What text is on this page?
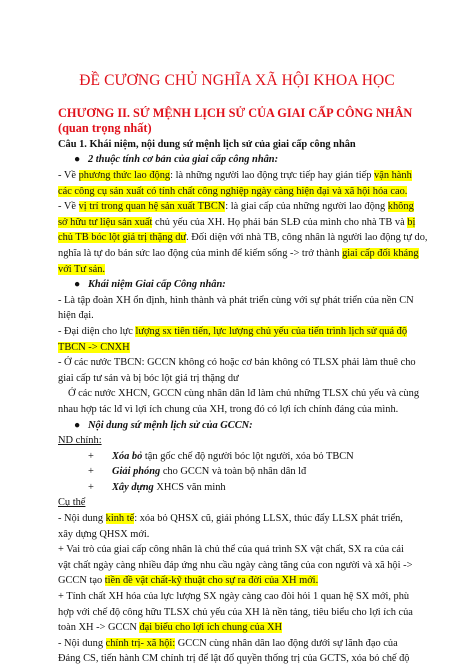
ĐỀ CƯƠNG CHỦ NGHĨA XÃ HỘI KHOA HỌC
CHƯƠNG II. SỨ MỆNH LỊCH SỬ CỦA GIAI CẤP CÔNG NHÂN
(quan trọng nhất)
Câu 1. Khái niệm, nội dung sứ mệnh lịch sử của giai cấp công nhân
● 2 thuộc tính cơ bản của giai cấp công nhân:
- Về phương thức lao động: là những người lao động trực tiếp hay gián tiếp vận hành
các công cụ sản xuất có tính chất công nghiệp ngày càng hiện đại và xã hội hóa cao.
- Về vị trí trong quan hệ sản xuất TBCN: là giai cấp của những người lao động không
sở hữu tư liệu sản xuất chủ yếu của XH. Họ phải bán SLĐ của mình cho nhà TB và bị
chủ TB bóc lột giá trị thặng dư. Đối diện với nhà TB, công nhân là người lao động tự do,
nghĩa là tự do bán sức lao động của mình để kiếm sống -> trở thành giai cấp đối kháng
với Tư sản.
● Khái niệm Giai cấp Công nhân:
- Là tập đoàn XH ổn định, hình thành và phát triển cùng với sự phát triển của nền CN
hiện đại.
- Đại diện cho lực lượng sx tiên tiến, lực lượng chủ yếu của tiến trình lịch sử quá độ
TBCN -> CNXH
- Ở các nước TBCN: GCCN không có hoặc cơ bản không có TLSX phải làm thuê cho
giai cấp tư sản và bị bóc lột giá trị thặng dư
Ở các nước XHCN, GCCN cùng nhân dân lđ làm chủ những TLSX chủ yếu và cùng
nhau hợp tác lđ vì lợi ích chung của XH, trong đó có lợi ích chính đáng của mình.
● Nội dung sứ mệnh lịch sử của GCCN:
ND chính:
+ Xóa bỏ tận gốc chế độ người bóc lột người, xóa bỏ TBCN
+ Giải phóng cho GCCN và toàn bộ nhân dân lđ
+ Xây dựng XHCS văn minh
Cụ thể
- Nội dung kinh tế: xóa bỏ QHSX cũ, giải phóng LLSX, thúc đẩy LLSX phát triển,
xây dựng QHSX mới.
+ Vai trò của giai cấp công nhân là chủ thể của quá trình SX vật chất, SX ra của cải
vật chất ngày càng nhiều đáp ứng nhu cầu ngày càng tăng của con người và xã hội ->
GCCN tạo tiền đề vật chất-kỹ thuật cho sự ra đời của XH mới.
+ Tính chất XH hóa của lực lượng SX ngày càng cao đòi hỏi 1 quan hệ SX mới, phù
hợp với chế độ công hữu TLSX chủ yếu của XH là nền tảng, tiêu biểu cho lợi ích của
toàn XH -> GCCN đại biểu cho lợi ích chung của XH
- Nội dung chính trị- xã hội: GCCN cùng nhân dân lao động dưới sự lãnh đạo của
Đảng CS, tiến hành CM chính trị để lật đổ quyền thống trị của GCTS, xóa bỏ chế độ
